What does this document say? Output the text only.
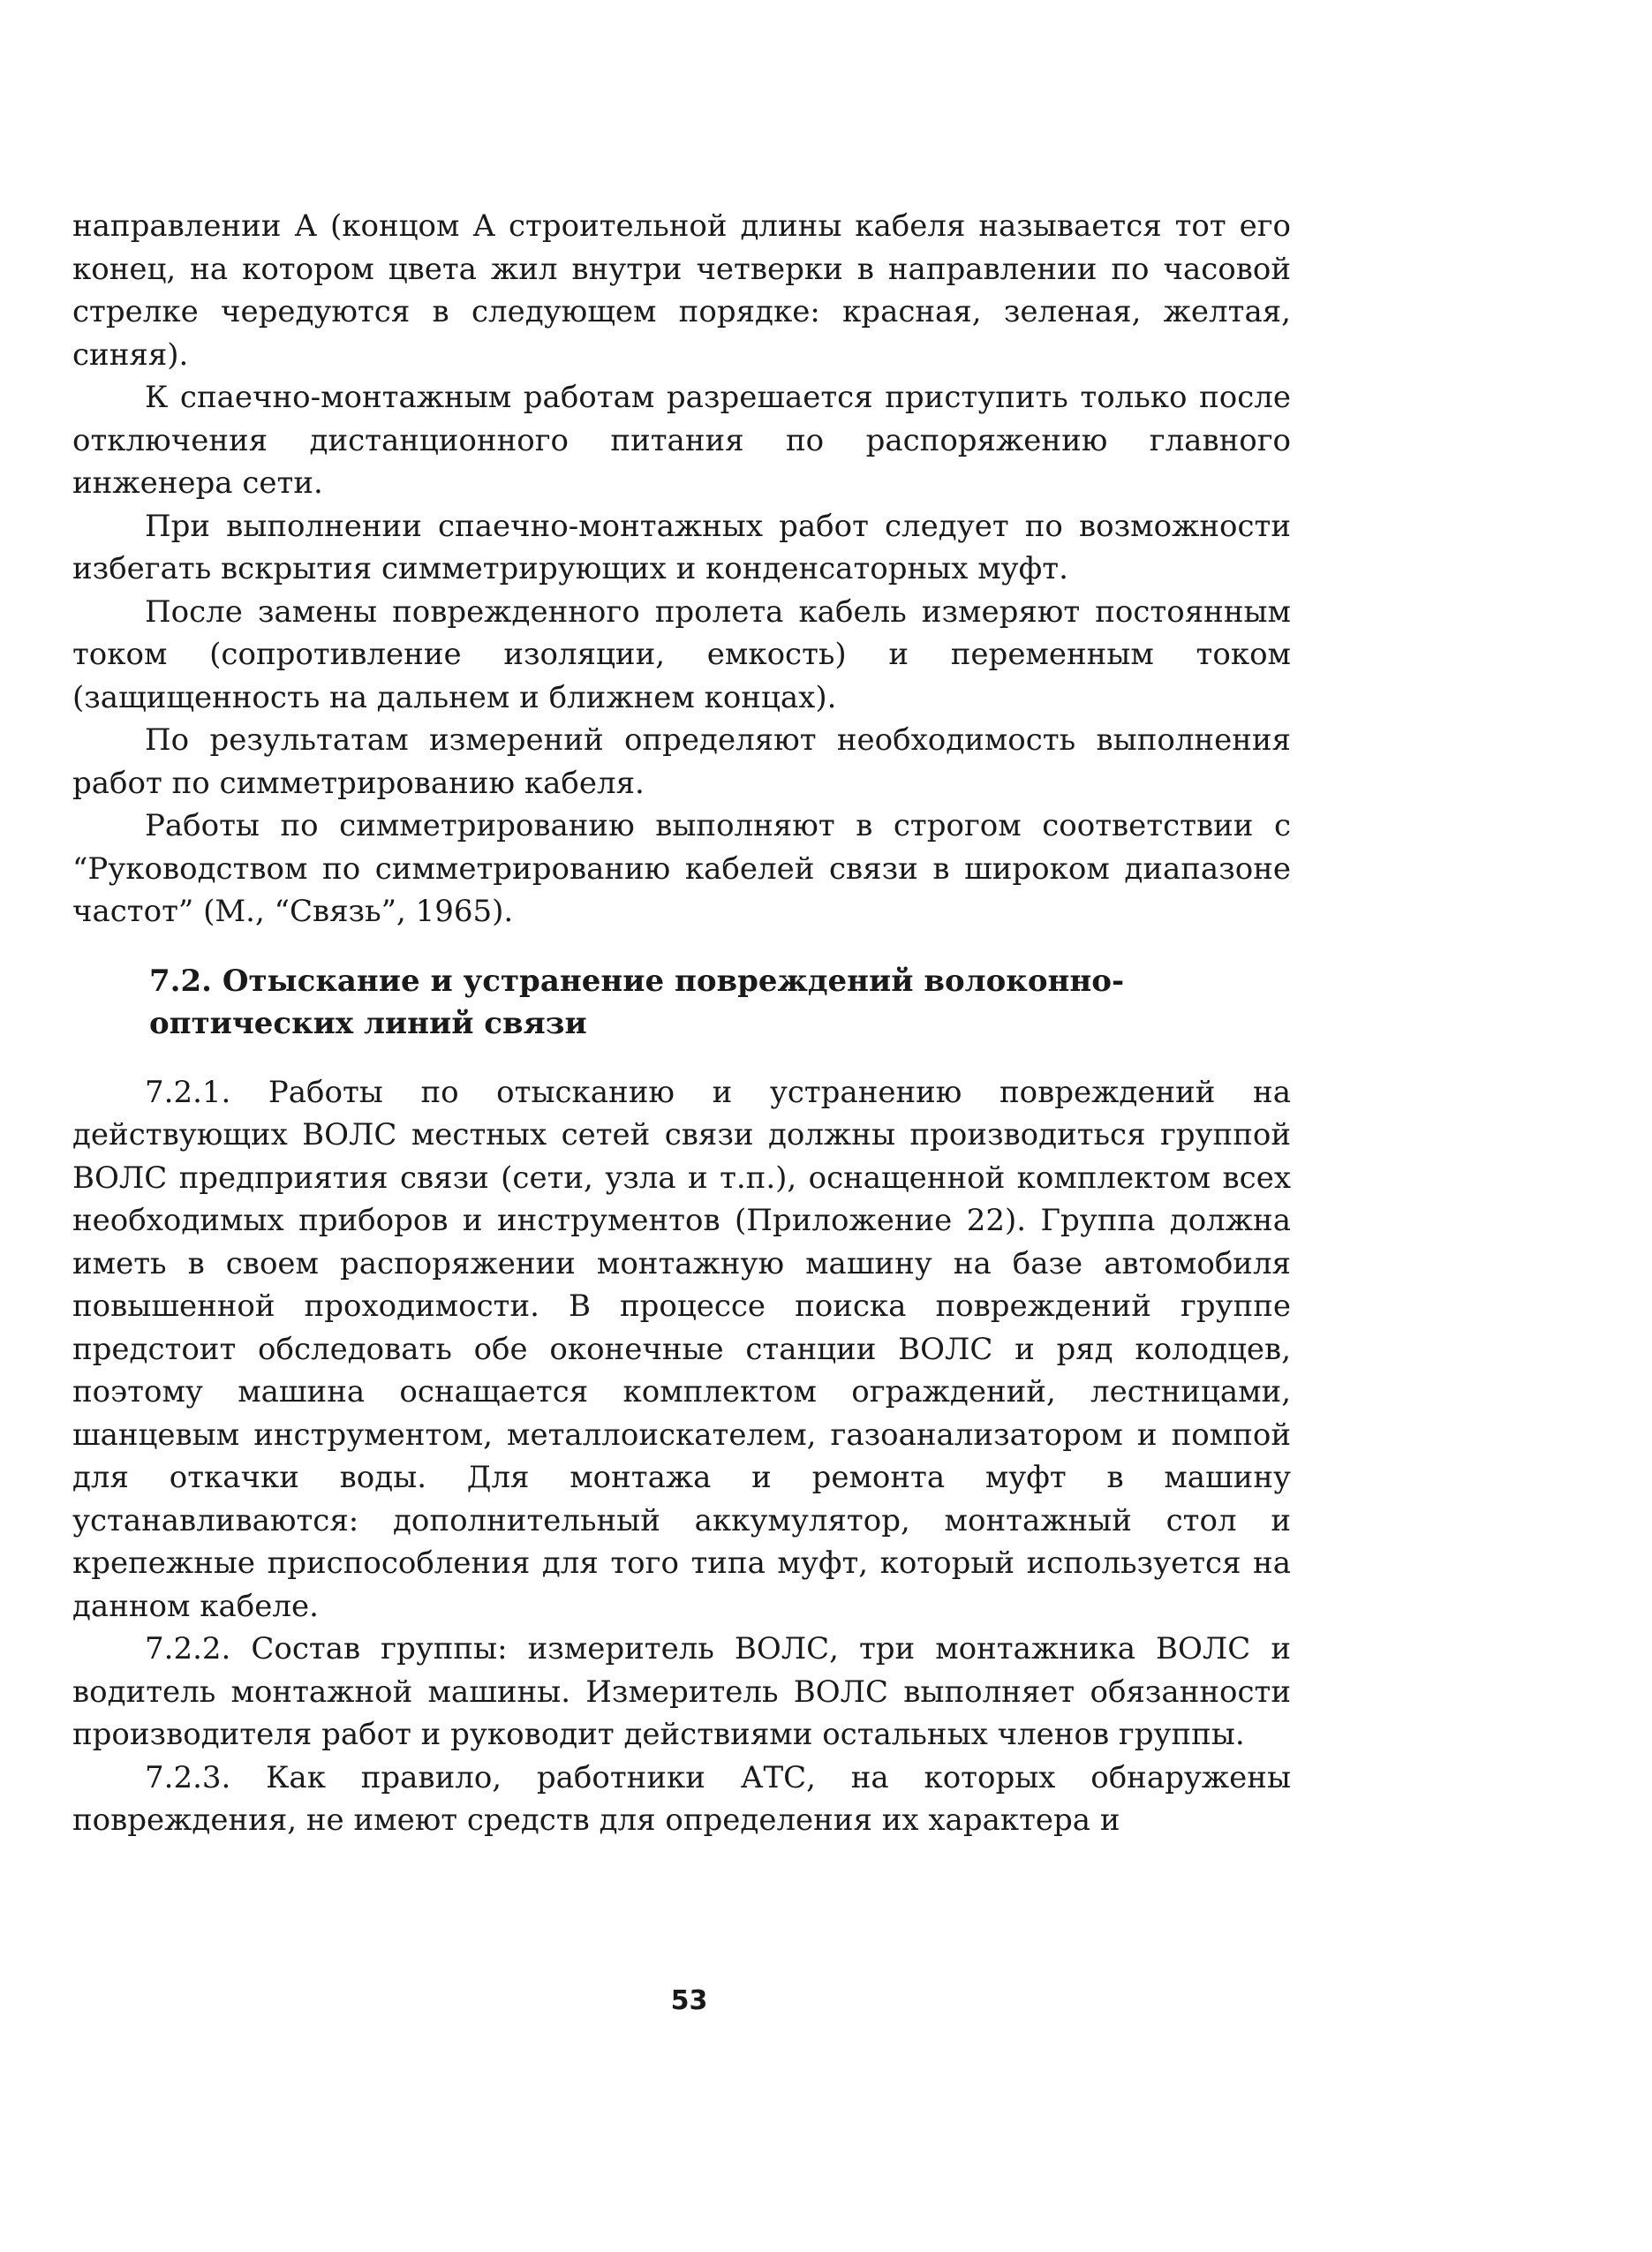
направлении А (концом А строительной длины кабеля называется тот его конец, на котором цвета жил внутри четверки в направлении по часовой стрелке чередуются в следующем порядке: красная, зеленая, желтая, синяя).

К спаечно-монтажным работам разрешается приступить только после отключения дистанционного питания по распоряжению главного инженера сети.

При выполнении спаечно-монтажных работ следует по возможности избегать вскрытия симметрирующих и конденсаторных муфт.

После замены поврежденного пролета кабель измеряют постоянным током (сопротивление изоляции, емкость) и переменным током (защищенность на дальнем и ближнем концах).

По результатам измерений определяют необходимость выполнения работ по симметрированию кабеля.

Работы по симметрированию выполняют в строгом соответствии с “Руководством по симметрированию кабелей связи в широком диапазоне частот” (М., “Связь”, 1965).

7.2. Отыскание и устранение повреждений волоконно-оптических линий связи

7.2.1. Работы по отысканию и устранению повреждений на действующих ВОЛС местных сетей связи должны производиться группой ВОЛС предприятия связи (сети, узла и т.п.), оснащенной комплектом всех необходимых приборов и инструментов (Приложение 22). Группа должна иметь в своем распоряжении монтажную машину на базе автомобиля повышенной проходимости. В процессе поиска повреждений группе предстоит обследовать обе оконечные станции ВОЛС и ряд колодцев, поэтому машина оснащается комплектом ограждений, лестницами, шанцевым инструментом, металлоискателем, газоанализатором и помпой для откачки воды. Для монтажа и ремонта муфт в машину устанавливаются: дополнительный аккумулятор, монтажный стол и крепежные приспособления для того типа муфт, который используется на данном кабеле.

7.2.2. Состав группы: измеритель ВОЛС, три монтажника ВОЛС и водитель монтажной машины. Измеритель ВОЛС выполняет обязанности производителя работ и руководит действиями остальных членов группы.

7.2.3. Как правило, работники АТС, на которых обнаружены повреждения, не имеют средств для определения их характера и

53
